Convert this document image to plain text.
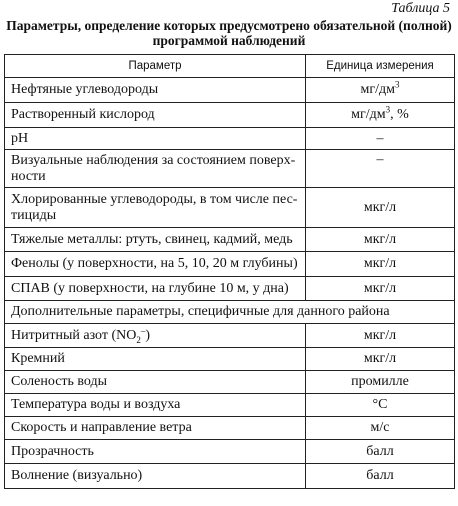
Таблица 5
Параметры, определение которых предусмотрено обязательной (полной)
программой наблюдений
Параметр	Единица измерения
Нефтяные углеводороды	$мг/дм^3$
Растворенный кислород	$мг/дм^3$, %
pH	–

Визуальные наблюдения за состоянием поверх-
ности	–

Хлорированные углеводороды, в том числе пес-
тициды	мкг/л
Тяжелые металлы: ртуть, свинец, кадмий, медь	мкг/л
Фенолы (у поверхности, на 5, 10, 20 м глубины)	мкг/л
СПАВ (у поверхности, на глубине 10 м, у дна)	мкг/л
Дополнительные параметры, специфичные для данного района	
Нитритный азот $(NO_2^-)$	мкг/л
Кремний	мкг/л
Соленость воды	промилле
Температура воды и воздуха	°C
Скорость и направление ветра	м/с
Прозрачность	балл
Волнение (визуально)	балл
